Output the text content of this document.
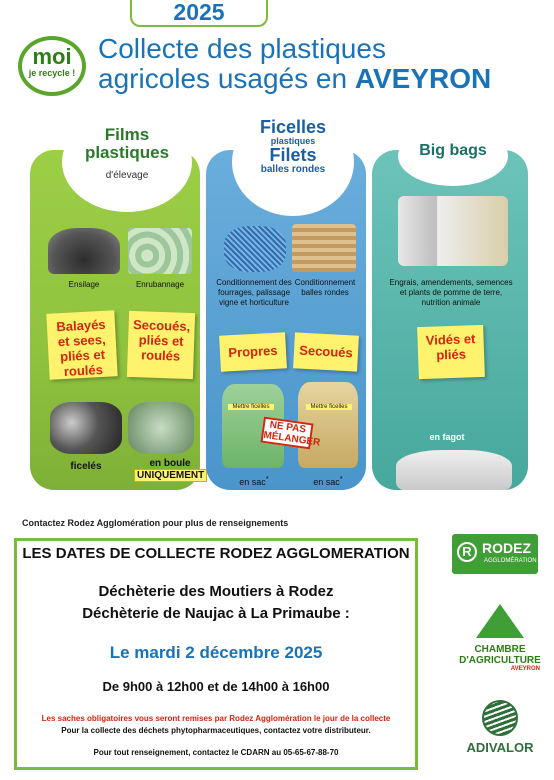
2025
moi
je recycle !
Collecte des plastiques
agricoles usagés en AVEYRON
Films
plastiques
d'élevage
Ensilage	Enrubannage
Balayés et sees, pliés et roulés
Secoués, pliés et roulés
ficelés	en boule
UNIQUEMENT
Ficelles
plastiques
Filets
balles rondes
Conditionnement des fourrages, palissage vigne et horticulture
Conditionnement balles rondes
Propres	Secoués
Mettre ficelles	Mettre ficelles
NE PAS MÉLANGER
en sac*	en sac*
Big bags
Engrais, amendements, semences et plants de pomme de terre, nutrition animale
Vidés et pliés
en fagot
Contactez Rodez Agglomération pour plus de renseignements
LES DATES DE COLLECTE RODEZ AGGLOMERATION
Déchèterie des Moutiers à Rodez
Déchèterie de Naujac à La Primaube :
Le mardi 2 décembre 2025
De 9h00 à 12h00 et de 14h00 à 16h00
Les saches obligatoires vous seront remises par Rodez Agglomération le jour de la collecte
Pour la collecte des déchets phytopharmaceutiques, contactez votre distributeur.
Pour tout renseignement, contactez le CDARN au 05-65-67-88-70
R RODEZ
AGGLOMÉRATION
CHAMBRE
D'AGRICULTURE
AVEYRON
ADIVALOR
